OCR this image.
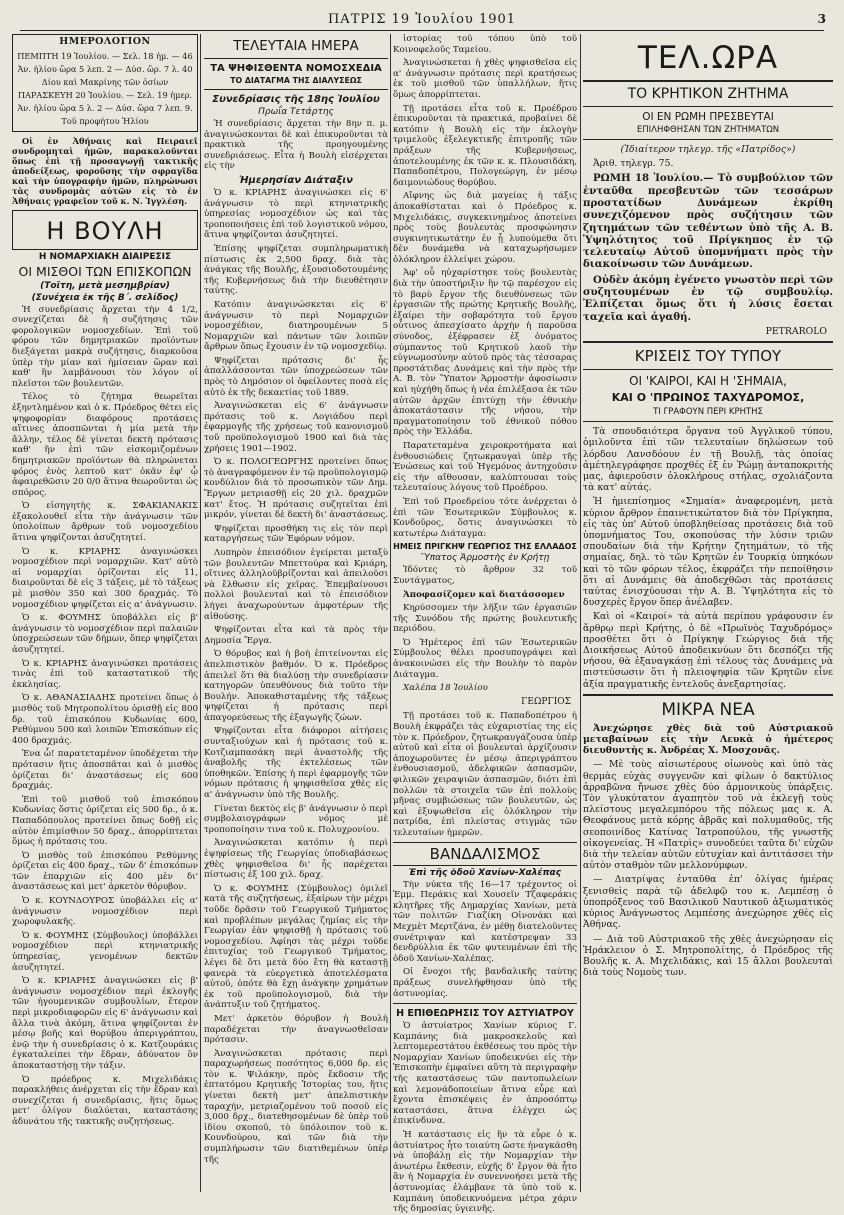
ΠΑΤΡΙΣ 19 Ἰουλίου 1901	3

ΗΜΕΡΟΛΟΓΙΟΝ

ΠΕΜΠΤΗ 19 Ἰουλίου. — Σελ. 18 ἡμ. — 46

Ἀν. ἡλίου ὥρα 5 λεπ. 2 — Δύσ. ὥρ. 7 λ. 40

Δίου καὶ Μακρίνης τῶν ὁσίων

ΠΑΡΑΣΚΕΥΗ 20 Ἰουλίου. — Σελ. 19 ἡμερ.

Ἀν. ἡλίου ὥρα 5 λ. 2 — Δύσ. ὥρα 7 λεπ. 9.

Τοῦ προφήτου Ἠλίου

Οἱ ἐν Ἀθήναις καὶ Πειραιεῖ συνδρομηταὶ ἡμῶν, παρακαλοῦνται ὅπως ἐπὶ τῇ προσαγωγῇ τακτικῆς ἀποδείξεως, φοροῦσης τὴν σφραγῖδα καὶ τὴν ὑπογραφὴν ἡμῶν, πληρώνωσι τὰς συνδρομὰς αὐτῶν εἰς τὸ ἐν Ἀθήναις γραφεῖον τοῦ κ. Ν. Ἰγγλέση.

Η ΒΟΥΛΗ
Η ΝΟΜΑΡΧΙΑΚΗ ΔΙΑΙΡΕΣΙΣ
ΟΙ ΜΙΣΘΟΙ ΤΩΝ ΕΠΙΣΚΟΠΩΝ
(Τοῖτη, μετὰ μεσημβρίαν)
(Συνέχεια ἐκ τῆς Β΄. σελίδος)

Ἡ συνεδρίασις ἄρχεται τὴν 4 1/2, συνεχίζεται δὲ ἡ συζήτησις τῶν φορολογικῶν νομοσχεδίων. Ἐπὶ τοῦ φόρου τῶν δημητριακῶν προϊόντων διεξάγεται μακρὰ συζήτησις, διαρκοῦσα ὑπὲρ τὴν μίαν καὶ ἡμίσειαν ὥραν καὶ καθ' ἣν λαμβάνουσι τὸν λόγον οἱ πλεῖστοι τῶν βουλευτῶν.

Τέλος τὸ ζήτημα θεωρεῖται ἐξηντλημένον καὶ ὁ κ. Πρόεδρος θέτει εἰς ψηφοφορίαν διαφόρους προτάσεις αἵτινες ἀποσπῶνται ἡ μία μετὰ τὴν ἄλλην, τέλος δὲ γίνεται δεκτὴ πρότασις καθ' ἣν ἐπὶ τῶν εἰσκομιζομένων δημητριακῶν προϊόντων θὰ πληρώνεται φόρος ἑνὸς λεπτοῦ κατ' ὀκᾶν ἐφ' ᾧ ἀφαιρεθῶσιν 20 0/0 ἅτινα θεωροῦνται ὡς σπόρος.

Ὁ εἰσηγητὴς κ. ΣΦΑΚΙΑΝΑΚΙΣ ἐξακολουθεῖ εἶτα τὴν ἀνάγνωσιν τῶν ὑπολοίπων ἄρθρων τοῦ νομοσχεδίου ἅτινα ψηφίζονται ἀσυζητητεί.

Ὁ κ. ΚΡΙΑΡΗΣ ἀναγινώσκει νομοσχέδιον περὶ νομαρχιῶν. Κατ' αὐτὸ αἱ νομαρχίαι ὁρίζονται εἰς 11, διαιροῦνται δὲ εἰς 3 τάξεις, μὲ τὸ τάξεως μὲ μισθὸν 350 καὶ 300 δραχμάς. Τὸ νομοσχέδιον ψηφίζεται εἰς α' ἀνάγνωσιν.

Ὁ κ. ΦΟΥΜΗΣ ὑποβάλλει εἰς β' ἀνάγνωσιν τὸ νομοσχέδιον περὶ παλαιῶν ὑποχρεώσεων τῶν δήμων, ὅπερ ψηφίζεται ἀσυζητητεί.

Ὁ κ. ΚΡΙΑΡΗΣ ἀναγινώσκει προτάσεις τινὰς ἐπὶ τοῦ καταστατικοῦ τῆς ἐκκλησίας.

Ὁ κ. ΑΘΑΝΑΣΙΑΔΗΣ προτείνει ὅπως ὁ μισθὸς τοῦ Μητροπολίτου ὁρισθῇ εἰς 800 δρ. τοῦ ἐπισκόπου Κυδωνίας 600, Ρεθύμνου 500 καὶ λοιπῶν Ἐπισκόπων εἰς 400 δραχμάς.

Ἐνα ὦ! παρατεταμένον ὑποδέχεται τὴν πρότασιν ἥτις ἀποσπᾶται καὶ ὁ μισθὸς ὁρίζεται δι' ἀναστάσεως εἰς 600 δραχμάς.

Ἐπὶ τοῦ μισθοῦ τοῦ ἐπισκόπου Κυδωνίας ὅστις ὁρίζεται εἰς 500 δρ., ὁ κ. Παπαδόπουλος προτείνει ὅπως δοθῇ εἰς αὐτὸν ἐπιμίσθιον 50 δραχ., ἀπορρίπτεται ὅμως ἡ πρότασις του.

Ὁ μισθὸς τοῦ ἐπισκόπου Ρεθύμνης ὁρίζεται εἰς 400 δραχ., τῶν δ' ἐπισκόπων τῶν ἐπαρχιῶν εἰς 400 μὲν δι' ἀναστάσεως καὶ μετ' ἀρκετὸν θόρυβον.

Ὁ κ. ΚΟΥΝΔΟΥΡΟΣ ὑποβάλλει εἰς α' ἀνάγνωσιν νομοσχέδιον περὶ χωροφυλακῆς.

Ὁ κ. ΦΟΥΜΗΣ (Σύμβουλος) ὑποβάλλει νομοσχέδιον περὶ κτηνιατρικῆς ὑπηρεσίας, γενομένων δεκτῶν ἀσυζητητεί.

Ὁ κ. ΚΡΙΑΡΗΣ ἀναγινώσκει εἰς β' ἀνάγνωσιν νομοσχέδιον περὶ ἐκλογῆς τῶν ἡγουμενικῶν συμβουλίων, ἕτερον περὶ μικροδιαφορῶν εἰς 6' ἀνάγνωσιν καὶ ἄλλα τινὰ ἀκόμη, ἅτινα ψηφίζονται ἐν μέσῳ βοῆς καὶ θορύβου ἀπεριγράπτου, ἐνῷ τὴν ἡ συνεδρίασις ὁ κ. Κατζουράκις ἐγκαταλείπει τὴν ἕδραν, ἀδύνατον ὂν ἀποκαταστήσῃ τὴν τάξιν.

Ὁ πρόεδρος κ. Μιχελιδάκις παρακλήθεις ἀνέρχεται εἰς τὴν ἕδραν καὶ συνεχίζεται ἡ συνεδρίασις, ἥτις ὅμως μετ' ὀλίγον διαλύεται, καταστάσης ἀδυνάτου τῆς τακτικῆς συζητήσεως.

ΤΕΛΕΥΤΑΙΑ ΗΜΕΡΑ
ΤΑ ΨΗΦΙΣΘΕΝΤΑ ΝΟΜΟΣΧΕΔΙΑ
ΤΟ ΔΙΑΤΑΓΜΑ ΤΗΣ ΔΙΑΛΥΣΕΩΣ
Συνεδρίασις τῆς 18ης Ἰουλίου
Πρωΐα Τετάρτης

Ἡ συνεδρίασις ἄρχεται τὴν 8ην π. μ. ἀναγινώσκονται δὲ καὶ ἐπικυροῦνται τὰ πρακτικὰ τῆς προηγουμένης συνεδριάσεως. Εἶτα ἡ Βουλὴ εἰσέρχεται εἰς τὴν

Ἡμερησίαν Διάταξιν

Ὁ κ. ΚΡΙΑΡΗΣ ἀναγινώσκει εἰς 6' ἀνάγνωσιν τὸ περὶ κτηνιατρικῆς ὑπηρεσίας νομοσχέδιον ὡς καὶ τὰς τροποποιήσεις ἐπὶ τοῦ λογιστικοῦ νόμου, ἅτινα ψηφίζονται ἀσυζητητεί.

Ἐπίσης ψηφίζεται συμπληρωματικὴ πίστωσις ἐκ 2,500 δραχ. διὰ τὰς ἀνάγκας τῆς Βουλῆς, ἐξουσιοδοτουμένης τῆς Κυβερνήσεως διὰ τὴν διευθέτησιν ταύτης.

Κατόπιν ἀναγινώσκεται εἰς 6' ἀνάγνωσιν τὸ περὶ Νομαρχιῶν νομοσχέδιον, διατηρουμένων 5 Νομαρχιῶν καὶ πάντων τῶν λοιπῶν ἄρθρων ὅπως ἔχουσιν ἐν τῷ νομοσχεδίῳ.

Ψηφίζεται πρότασις δι' ἧς ἀπαλλάσσονται τῶν ὑποχρεώσεων τῶν πρὸς τὸ Δημόσιον οἱ ὀφείλοντες ποσὰ εἰς αὐτὸ ἐκ τῆς δεκαετίας τοῦ 1889.

Ἀναγινώσκεται εἰς 6' ἀνάγνωσιν πρότασις τοῦ κ. Λογιάδου περὶ ἐφαρμογῆς τῆς χρήσεως τοῦ κανονισμοῦ τοῦ προϋπολογισμοῦ 1900 καὶ διὰ τὰς χρήσεις 1901—1902.

Ὁ κ. ΠΟΛΟΓΕΩΡΓΗΣ προτείνει ὅπως τὸ ἀναγραφόμενον ἐν τῷ προϋπολογισμῷ κονδύλιον διὰ τὸ προσωπικὸν τῶν Δημ. Ἔργων μετριασθῇ εἰς 20 χιλ. δραχμῶν κατ' ἔτος. Ἡ πρότασις συζητεῖται ἐπὶ μικρόν, γίνεται δὲ δεκτὴ δι' ἀναστάσεως.

Ψηφίζεται προσθήκη τις εἰς τὸν περὶ καταργήσεως τῶν Ἐφόρων νόμον.

Λυπηρὸν ἐπεισόδιον ἐγείρεται μεταξὺ τῶν βουλευτῶν Μπεττούρα καὶ Κριάρη, οἵτινες ἀλληλοϋβρίζονται καὶ ἀπειλοῦσι νὰ ἔλθωσιν εἰς χεῖρας. Ἐπεμβαίνουσι πολλοὶ βουλευταὶ καὶ τὸ ἐπεισόδιον λήγει ἀναχωρούντων ἀμφοτέρων τῆς αἰθούσης.

Ψηφίζονται εἶτα καὶ τὰ πρὸς τὴν Δημοσία Ἔργα.

Ὁ θόρυβος καὶ ἡ βοὴ ἐπιτείνονται εἰς ἀπελπιστικὸν βαθμόν. Ὁ κ. Πρόεδρος ἀπειλεῖ ὅτι θὰ διαλύσῃ τὴν συνεδρίασιν κατηγορῶν ὑπευθύνους διὰ τοῦτο τὴν Βουλήν. Ἀποκαθισταμένης τῆς τάξεως ψηφίζεται ἡ πρότασις περὶ ἀπαγορεύσεως τῆς ἐξαγωγῆς ζώων.

Ψηφίζονται εἶτα διάφοροι αἰτήσεις συνταξιούχων καὶ ἡ πρότασις τοῦ κ. Κοτζιαμπασάκη περὶ ἀναστολῆς τῆς ἀναβολῆς τῆς ἐκτελέσεως τῶν ὑποθηκῶν. Ἐπίσης ἡ περὶ ἐφαρμογῆς τῶν νόμων πρότασις ἡ ψηφισθεῖσα χθὲς εἰς α' ἀνάγνωσιν ὑπὸ τῆς Βουλῆς.

Γίνεται δεκτὸς εἰς β' ἀνάγνωσιν ὁ περὶ συμβολαιογράφων νόμος μὲ τροποποίησιν τινα τοῦ κ. Πολυχρονίου.

Ἀναγινώσκεται κατόπιν ἡ περὶ ἐψηφίσεως τῆς Γεωργίας ὑποδιαβάσεως χθὲς ψηφισθεῖσα δι' ἧς παρέχεται πίστωσις ἐξ 100 χιλ. δραχ.

Ὁ κ. ΦΟΥΜΗΣ (Σύμβουλος) ὁμιλεῖ κατὰ τῆς συζητήσεως, ἐξαίρων τὴν μέχρι τοῦδε δρᾶσιν τοῦ Γεωργικοῦ Τμήματος καὶ προβλέπων μεγάλας ζημίας εἰς τὴν Γεωργίαν ἐὰν ψηφισθῇ ἡ πρότασις τοῦ νομοσχεδίου. Ἀφίησι τὰς μέχρι τοῦδε ἐπιτυχίας τοῦ Γεωργικοῦ Τμήματος, λέγει δὲ ὅτι μετὰ δύο ἔτη θὰ καταστῇ φανερὰ τὰ εὐεργετικὰ ἀποτελέσματα αὐτοῦ, ὁπότε θὰ ἔχῃ ἀνάγκην χρημάτων ἐκ τοῦ προϋπολογισμοῦ, διὰ τὴν ἀνάπτυξιν τοῦ ζητήματος.

Μετ' ἀρκετὸν θόρυβον ἡ Βουλὴ παραδέχεται τὴν ἀναγνωσθεῖσαν πρότασιν.

Ἀναγινώσκεται πρότασις περὶ παραχωρήσεως ποσότητος 6,000 δρ. εἰς τὸν κ. Ψιλάκην, πρὸς ἔκδοσιν τῆς ἑπτατόμου Κρητικῆς Ἱστορίας του, ἥτις γίνεται δεκτὴ μετ' ἀπελπιστικὴν ταραχήν, μετριαζομένου τοῦ ποσοῦ εἰς 3,000 δρχ., διατεθησομένων δὲ ὑπὲρ τοῦ ἰδίου σκοποῦ, τὸ ὑπόλοιπον τοῦ κ. Κουνδούρου, καὶ τῶν διὰ τὴν συμπλήρωσιν τῶν διατιθεμένων ὑπὲρ τῆς

ἱστορίας τοῦ τόπου ὑπὸ τοῦ Κοινοφελοῦς Ταμείου.

Ἀναγινώσκεται ἡ χθὲς ψηφισθεῖσα εἰς α' ἀνάγνωσιν πρότασις περὶ κρατήσεως ἐκ τοῦ μισθοῦ τῶν ὑπαλλήλων, ἥτις ὅμως ἀπορρίπτεται.

Τῇ προτάσει εἶτα τοῦ κ. Προέδρου ἐπικυροῦνται τὰ πρακτικά, προβαίνει δὲ κατόπιν ἡ Βουλὴ εἰς τὴν ἐκλογὴν τριμελοῦς ἐξελεγκτικῆς ἐπιτροπῆς τῶν πράξεων τῆς Κυβερνήσεως, ἀποτελουμένης ἐκ τῶν κ. κ. Πλουσιδάκη, Παπαδοπέτρου, Πολογεώργη, ἐν μέσῳ δαιμονιώδους θορύβου.

Αἴφνης ὡς διὰ μαγείας ἡ τάξις ἀποκαθίσταται καὶ ὁ Πρόεδρος κ. Μιχελιδάκις, συγκεκινημένος ἀποτείνει πρὸς τοὺς βουλευτὰς προσφώνησιν συγκινητικωτάτην ἐν ᾗ λυπούμεθα ὅτι δὲν δυνάμεθα νὰ καταχωρήσωμεν ὁλόκληρον ἐλλείψει χώρου.

Ἀφ' οὗ ηὐχαρίστησε τοὺς βουλευτὰς διὰ τὴν ὑποστήριξιν ἣν τῷ παρέσχον εἰς τὸ βαρὺ ἔργον τῆς διευθύνσεως τῶν ἐργασιῶν τῆς πρώτης Κρητικῆς Βουλῆς, ἐξαίρει τὴν σοβαρότητα τοῦ ἔργου οὗτινος ἀπεσχίσατο ἀρχὴν ἡ παροῦσα σύνοδος, ἐξέφρασεν ἐξ ὀνόματος σύμπαντος τοῦ Κρητικοῦ λαοῦ τὴν εὐγνωμοσύνην αὐτοῦ πρὸς τὰς τέσσαρας προστάτιδας Δυνάμεις καὶ τὴν πρὸς τὴν Α. Β. τὸν Ὕπατον Ἁρμοστὴν ἀφοσίωσιν καὶ ηὐχήθη ὅπως ἡ νέα ἐπιλέξασα ἐκ τῶν αὐτῶν ἀρχῶν ἐπιτύχῃ τὴν ἐθνικὴν ἀποκατάστασιν τῆς νήσου, τὴν πραγματοποίησιν τοῦ ἐθνικοῦ πόθου πρὸς τὴν Ἑλλάδα.

Παρατεταμένα χειροκροτήματα καὶ ἐνθουσιώδεις ζητωκραυγαὶ ὑπὲρ τῆς Ἑνώσεως καὶ τοῦ Ἡγεμόνος ἀντηχοῦσιν εἰς τὴν αἴθουσαν, καλύπτουσαι τοὺς τελευταίους λόγους τοῦ Προέδρου.

Ἐπὶ τοῦ Προεδρείου τότε ἀνέρχεται ὁ ἐπὶ τῶν Ἐσωτερικῶν Σύμβουλος κ. Κονδοῦρος, ὅστις ἀναγινώσκει τὸ κατωτέρω Διάταγμα:

ΗΜΕΙΣ ΠΡΙΓΚΗΨ ΓΕΩΡΓΙΟΣ ΤΗΣ ΕΛΛΑΔΟΣ
Ὕπατος Ἁρμοστὴς ἐν Κρήτῃ

Ἰδόντες τὸ ἄρθρον 32 τοῦ Συντάγματος,

Ἀποφασίζομεν καὶ διατάσσομεν

Κηρύσσομεν τὴν λῆξιν τῶν ἐργασιῶν τῆς Συνόδου τῆς πρώτης βουλευτικῆς περιόδου.

Ὁ Ἡμέτερος ἐπὶ τῶν Ἐσωτερικῶν Σύμβουλος θέλει προσυπογράψει καὶ ἀνακοινώσει εἰς τὴν Βουλὴν τὸ παρὸν Διάταγμα.

Χαλέπα 18 Ἰουλίου

ΓΕΩΡΓΙΟΣ

Τῇ προτάσει τοῦ κ. Παπαδοπέτρου ἡ Βουλὴ ἐκφράζει τὰς εὐχαριστίας της εἰς τὸν κ. Πρόεδρον, ζητωκραυγάζουσα ὑπὲρ αὐτοῦ καὶ εἶτα οἱ βουλευταὶ ἀρχίζουσιν ἀποχωροῦντες ἐν μέσῳ ἀπεριγράπτου ἐνθουσιασμοῦ, ἀδελφικῶν ἀσπασμῶν, φιλικῶν χειραψιῶν ἀσπασμῶν, διότι ἐπὶ πολλῶν τὰ στοιχεῖα τῶν ἐπὶ πολλοὺς μῆνας συμβιώσεως τῶν βουλευτῶν, ὡς καὶ ἐξυψωθεῖσα εἰς ὁλόκληρον τὴν πατρίδα, ἐπὶ πλείστας στιγμὰς τῶν τελευταίων ἡμερῶν.

ΒΑΝΔΑΛΙΣΜΟΣ
Ἐπὶ τῆς ὁδοῦ Χανίων-Χαλέπας

Τὴν νύκτα τῆς 16—17 τρέχοντος οἱ Ἐμμ. Περάκις καὶ Χουσεῖν Τζαφεράκις κλητῆρες τῆς Δημαρχίας Χανίων, μετὰ τῶν πολιτῶν Γιαζίκη Οἰνονάκι καὶ Μεχμὲτ Μερτζάνα, ἐν μέθῃ διατελοῦντες συνέτριψαν καὶ κατέστρεψαν 33 δενδρύλλια ἐκ τῶν φυτευμένων ἐπὶ τῆς ὁδοῦ Χανίων-Χαλέπας.

Οἱ ἔνοχοι τῆς βανδαλικῆς ταύτης πράξεως συνελήφθησαν ὑπὸ τῆς ἀστυνομίας.

Η ΕΠΙΘΕΩΡΗΣΙΣ ΤΟΥ ΑΣΤΥΙΑΤΡΟΥ

Ὁ ἀστυίατρος Χανίων κύριος Γ. Καμπάνης διὰ μακροσκελοῦς καὶ λεπτομερεστάτου ἐκθέσεως του πρὸς τὴν Νομαρχίαν Χανίων ὑποδεικνύει εἰς τὴν Ἐπισκοπὴν ἐμφαίνει αὕτη τὰ περιγραφὴν τῆς καταστάσεως τῶν παντοπωλείων καὶ λεμονάδοποιείων ἅτινα εὗρε καὶ ἔχοντα ἐπισκέψεις ἐν ἀπροσόπτῳ καταστάσει, ἅτινα ἐλέγχει ὡς ἐπικίνδυνα.

Ἡ κατάστασις εἰς ἣν τὰ εὗρε ὁ κ. ἀστυίατρος ἦτο τοιαύτη ὥστε ἠναγκάσθη νὰ ὑποβάλῃ εἰς τὴν Νομαρχίαν τὴν ἀνωτέρω ἔκθεσιν, εὐχῆς δ' ἔργον θὰ ἦτο ἂν ἡ Νομαρχία ἐν συνεννοήσει μετὰ τῆς ἀστυνομίας ἐλάμβανε τὰ ὑπὸ τοῦ κ. Καμπάνη ὑποδεικνυόμενα μέτρα χάριν τῆς δημοσίας ὑγιεινῆς.

ΤΕΛ.ΩΡΑ
ΤΟ ΚΡΗΤΙΚΟΝ ΖΗΤΗΜΑ
ΟΙ ΕΝ ΡΩΜΗ ΠΡΕΣΒΕΥΤΑΙ
ΕΠΙΛΗΦΘΗΣΑΝ ΤΩΝ ΖΗΤΗΜΑΤΩΝ

(Ἰδιαίτερον τηλεγρ. τῆς «Πατρίδος»)

Ἀριθ. τηλεγρ. 75.

ΡΩΜΗ 18 Ἰουλίου.— Τὸ συμβούλιον τῶν ἐνταῦθα πρεσβευτῶν τῶν τεσσάρων προστατίδων Δυνάμεων ἐκρίθη συνεχιζόμενον πρὸς συζήτησιν τῶν ζητημάτων τῶν τεθέντων ὑπὸ τῆς Α. Β. Ὑψηλότητος τοῦ Πρίγκηπος ἐν τῷ τελευταίῳ Αὐτοῦ ὑπομνήματι πρὸς τὴν διακοίνωσιν τῶν Δυνάμεων.

Οὐδὲν ἀκόμη ἐγένετο γνωστὸν περὶ τῶν συζητουμένων ἐν τῷ συμβουλίῳ. Ἐλπίζεται ὅμως ὅτι ἡ λύσις ἔσεται ταχεῖα καὶ ἀγαθή.

PETRAROLO

ΚΡΙΣΕΙΣ ΤΟΥ ΤΥΠΟΥ
ΟΙ 'ΚΑΙΡΟΙ, ΚΑΙ Η 'ΣΗΜΑΙΑ,
ΚΑΙ Ο 'ΠΡΩΙΝΟΣ ΤΑΧΥΔΡΟΜΟΣ,
ΤΙ ΓΡΑΦΟΥΝ ΠΕΡΙ ΚΡΗΤΗΣ

Τὰ σπουδαιότερα ὄργανα τοῦ Ἀγγλικοῦ τύπου, ὁμιλοῦντα ἐπὶ τῶν τελευταίων δηλώσεων τοῦ λόρδου Λανσδόουν ἐν τῇ Βουλῇ, τὰς ὁποίας ἀμέτηλεγράφησε προχθές ἐξ ἐν Ῥώμῃ ἀνταποκριτὴς μας, ἀφιεροῦσιν ὁλοκλήρους στήλας, σχολιάζοντα τὰ κατ' αὐτάς.

Ἡ ἡμιεπίσημος «Σημαία» ἀναφερομένη, μετὰ κύριον ἄρθρον ἐπαινετικώτατον διὰ τὸν Πρίγκηπα, εἰς τὰς ὑπ' Αὐτοῦ ὑποβληθείσας προτάσεις διὰ τοῦ ὑπομνήματος Του, σκοπούσας τὴν λύσιν τριῶν σπουδαίων διὰ τὴν Κρήτην ζητημάτων, τὸ τῆς σημαίας, δηλ. τὸ τῶν Κρητῶν ἐν Τουρκίᾳ ὑπηκόων καὶ τὸ τῶν φόρων τέλος, ἐκφράζει τὴν πεποίθησιν ὅτι αἱ Δυνάμεις θὰ ἀποδεχθῶσι τὰς προτάσεις ταύτας ἐνισχύουσαι τὴν Α. Β. Ὑψηλότητα εἰς τὸ δυσχερὲς ἔργον ὅπερ ἀνέλαβεν.

Καὶ οἱ «Καιροί» τὰ αὐτὰ περίπου γράφουσιν ἐν ἄρθρῳ περὶ Κρήτης, ὁ δὲ «Πρωϊνὸς Ταχυδρόμος» προσθέτει ὅτι ὁ Πρίγκηψ Γεώργιος διὰ τῆς Διοικήσεως Αὐτοῦ ἀποδεικνύων ὅτι δεσπόζει τῆς νήσου, θὰ ἐξαναγκάσῃ ἐπὶ τέλους τὰς Δυνάμεις νὰ πιστεύσωσιν ὅτι ἡ πλειοψηφία τῶν Κρητῶν εἶνε ἀξία πραγματικῆς ἐντελοῦς ἀνεξαρτησίας.

ΜΙΚΡΑ ΝΕΑ

Ἀνεχώρησε χθὲς διὰ τοῦ Αὐστριακοῦ μεταβαίνων εἰς τὴν Λευκὰ ὁ ἡμέτερος διευθυντὴς κ. Ἀνδρέας Χ. Μοσχονᾶς.

— Μὲ τοὺς αἰσιωτέρους οἰωνοὺς καὶ ὑπὸ τὰς θερμὰς εὐχὰς συγγενῶν καὶ φίλων ὁ δακτύλιος ἀρραβῶνα ἤνωσε χθὲς δύο ἁρμονικοὺς ὑπάρξεις. Τὸν γλυκύτατον ἀγαπητὸν τοῦ νὰ ἐκλεγῇ τοὺς πλείστους μεγαλεμπόρου τῆς πόλεως μας κ. Α. Θεοφάνους μετὰ κόρης ἁβρᾶς καὶ πολυμαθοῦς, τῆς σεοποινίδος Κατίνας Ἰατροπούλου, τῆς γνωστῆς οἰκογενείας. Ἡ «Πατρὶς» συνοδεύει ταῦτα δι' εὐχῶν διὰ τὴν τελείαν αὐτῶν εὐτυχίαν καὶ ἀντιτάσσει τὴν αὐτὸν σταθμὸν τῶν μελλονύμφων.

— Διατρίψας ἐνταῦθα ἐπ' ὀλίγας ἡμέρας ξενισθεὶς παρὰ τῷ ἀδελφῷ του κ. Λεμπέσῃ ὁ ὑποπρόξενος τοῦ Βασιλικοῦ Ναυτικοῦ ἀξιωματικὸς κύριος Ἀνάγνωστος Λεμπέσης ἀνεχώρησε χθὲς εἰς Ἀθήνας.

— Διὰ τοῦ Αὐστριακοῦ τῆς χθὲς ἀνεχώρησαν εἰς Ἡράκλειον ὁ Σ. Μητροπολίτης, ὁ Πρόεδρος τῆς Βουλῆς κ. Α. Μιχελιδάκις, καὶ 15 ἄλλοι βουλευταὶ διὰ τοὺς Νομοὺς των.
